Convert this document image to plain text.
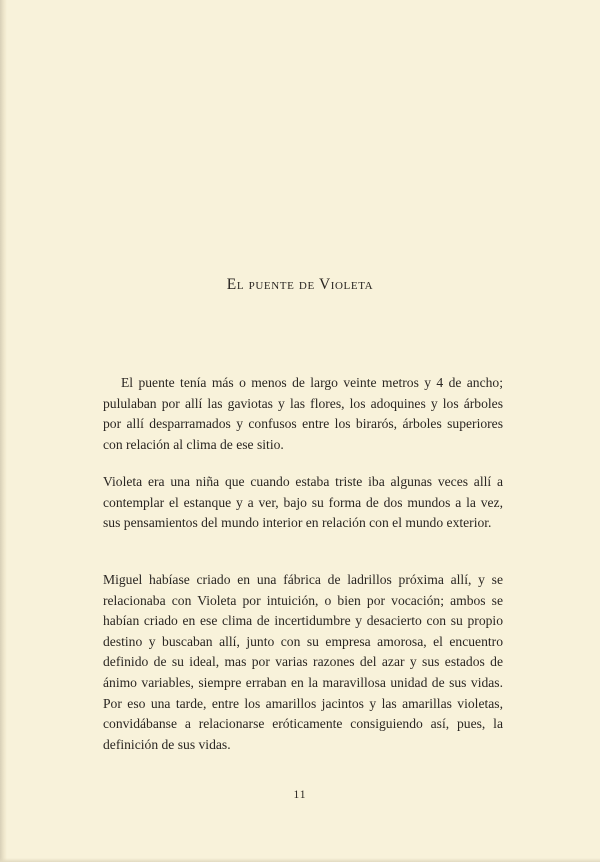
El puente de Violeta

El puente tenía más o menos de largo veinte metros y 4 de ancho; pululaban por allí las gaviotas y las flores, los adoquines y los árboles por allí desparramados y confusos entre los birarós, árboles superiores con relación al clima de ese sitio.

Violeta era una niña que cuando estaba triste iba algunas veces allí a contemplar el estanque y a ver, bajo su forma de dos mundos a la vez, sus pensamientos del mundo interior en relación con el mundo exterior.

Miguel habíase criado en una fábrica de ladrillos próxima allí, y se relacionaba con Violeta por intuición, o bien por vocación; ambos se habían criado en ese clima de incertidumbre y desacierto con su propio destino y buscaban allí, junto con su empresa amorosa, el encuentro definido de su ideal, mas por varias razones del azar y sus estados de ánimo variables, siempre erraban en la maravillosa unidad de sus vidas. Por eso una tarde, entre los amarillos jacintos y las amarillas violetas, convidábanse a relacionarse eróticamente consiguiendo así, pues, la definición de sus vidas.

11
